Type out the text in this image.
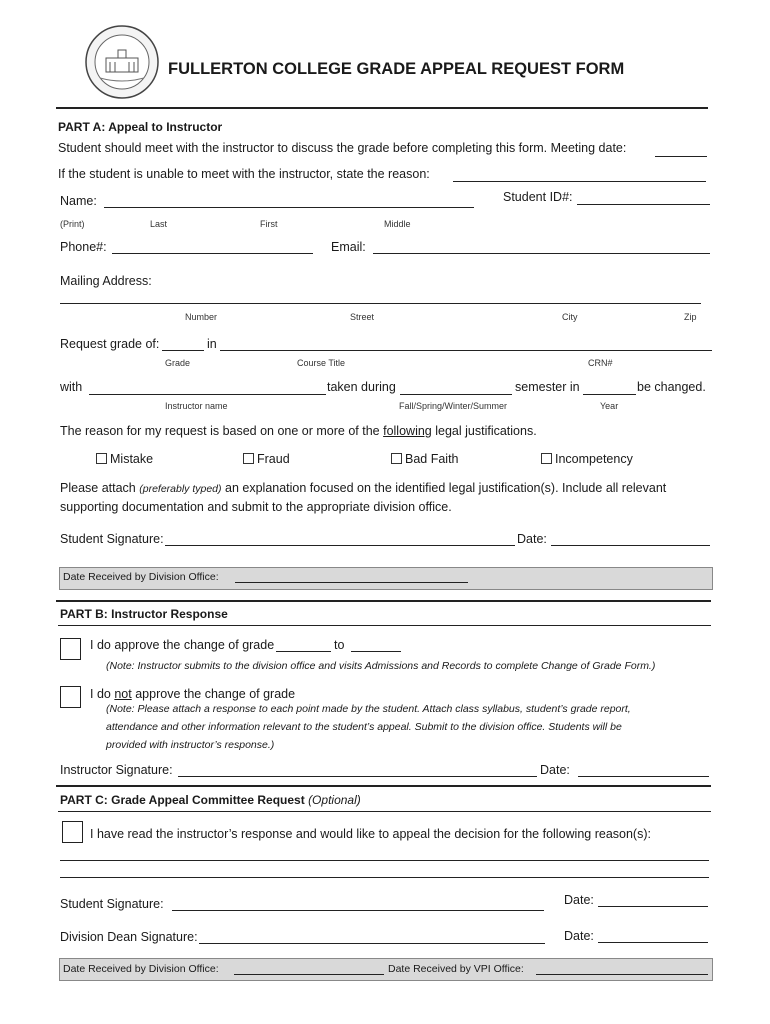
FULLERTON COLLEGE GRADE APPEAL REQUEST FORM
PART A: Appeal to Instructor
Student should meet with the instructor to discuss the grade before completing this form. Meeting date:
If the student is unable to meet with the instructor, state the reason:
Name:	Student ID#:
(Print)	Last	First	Middle
Phone#:	Email:
Mailing Address:
Number	Street	City	Zip
Request grade of:	in
Grade	Course Title	CRN#
with	taken during	semester in	be changed.
Instructor name	Fall/Spring/Winter/Summer	Year
The reason for my request is based on one or more of the following legal justifications.
Mistake	Fraud	Bad Faith	Incompetency
Please attach (preferably typed) an explanation focused on the identified legal justification(s). Include all relevant
supporting documentation and submit to the appropriate division office.
Student Signature:	Date:
Date Received by Division Office:
PART B: Instructor Response
I do approve the change of grade	to
(Note: Instructor submits to the division office and visits Admissions and Records to complete Change of Grade Form.)
I do not approve the change of grade
(Note: Please attach a response to each point made by the student. Attach class syllabus, student’s grade report,
attendance and other information relevant to the student’s appeal. Submit to the division office. Students will be
provided with instructor’s response.)
Instructor Signature:	Date:
PART C: Grade Appeal Committee Request (Optional)
I have read the instructor’s response and would like to appeal the decision for the following reason(s):
Student Signature:	Date:
Division Dean Signature:	Date:
Date Received by Division Office:	Date Received by VPI Office:
